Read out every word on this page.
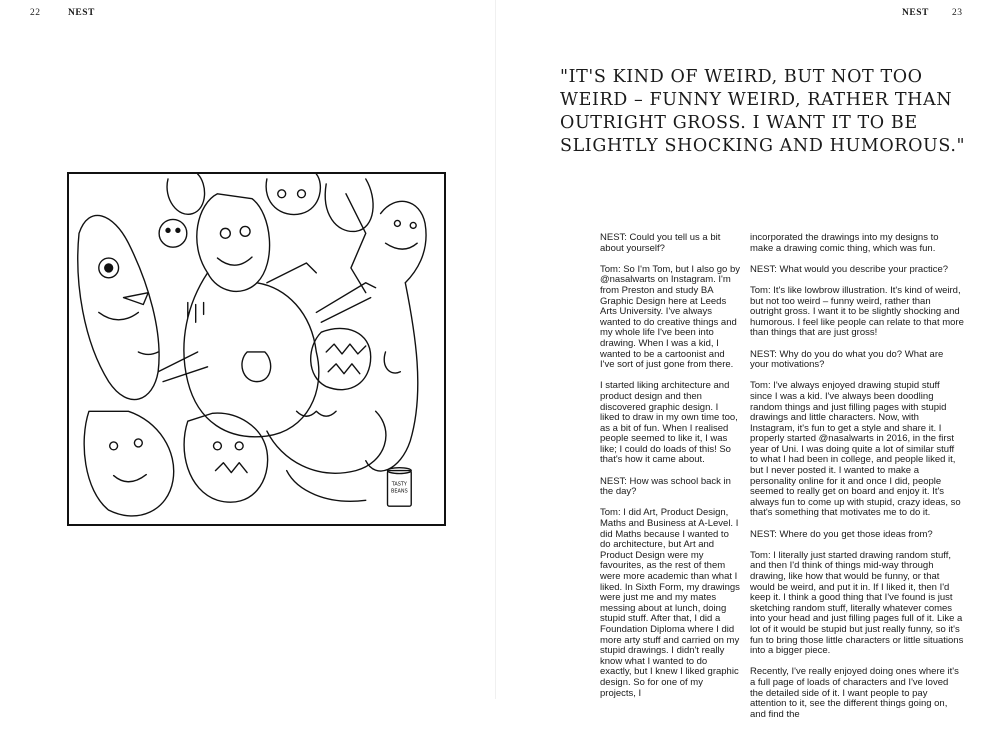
22	NEST	NEST 23
"IT'S KIND OF WEIRD, BUT NOT TOO WEIRD – FUNNY WEIRD, RATHER THAN OUTRIGHT GROSS. I WANT IT TO BE SLIGHTLY SHOCKING AND HUMOROUS."
TASTY
BEANS

NEST: Could you tell us a bit about yourself?

Tom: So I'm Tom, but I also go by @nasalwarts on Instagram. I'm from Preston and study BA Graphic Design here at Leeds Arts University. I've always wanted to do creative things and my whole life I've been into drawing. When I was a kid, I wanted to be a cartoonist and I've sort of just gone from there.

I started liking architecture and product design and then discovered graphic design. I liked to draw in my own time too, as a bit of fun. When I realised people seemed to like it, I was like; I could do loads of this! So that's how it came about.

NEST: How was school back in the day?

Tom: I did Art, Product Design, Maths and Business at A-Level. I did Maths because I wanted to do architecture, but Art and Product Design were my favourites, as the rest of them were more academic than what I liked. In Sixth Form, my drawings were just me and my mates messing about at lunch, doing stupid stuff. After that, I did a Foundation Diploma where I did more arty stuff and carried on my stupid drawings. I didn't really know what I wanted to do exactly, but I knew I liked graphic design. So for one of my projects, I

incorporated the drawings into my designs to make a drawing comic thing, which was fun.

NEST: What would you describe your practice?

Tom: It's like lowbrow illustration. It's kind of weird, but not too weird – funny weird, rather than outright gross. I want it to be slightly shocking and humorous. I feel like people can relate to that more than things that are just gross!

NEST: Why do you do what you do? What are your motivations?

Tom: I've always enjoyed drawing stupid stuff since I was a kid. I've always been doodling random things and just filling pages with stupid drawings and little characters. Now, with Instagram, it's fun to get a style and share it. I properly started @nasalwarts in 2016, in the first year of Uni. I was doing quite a lot of similar stuff to what I had been in college, and people liked it, but I never posted it. I wanted to make a personality online for it and once I did, people seemed to really get on board and enjoy it. It's always fun to come up with stupid, crazy ideas, so that's something that motivates me to do it.

NEST: Where do you get those ideas from?

Tom: I literally just started drawing random stuff, and then I'd think of things mid-way through drawing, like how that would be funny, or that would be weird, and put it in. If I liked it, then I'd keep it. I think a good thing that I've found is just sketching random stuff, literally whatever comes into your head and just filling pages full of it. Like a lot of it would be stupid but just really funny, so it's fun to bring those little characters or little situations into a bigger piece.

Recently, I've really enjoyed doing ones where it's a full page of loads of characters and I've loved the detailed side of it. I want people to pay attention to it, see the different things going on, and find the
